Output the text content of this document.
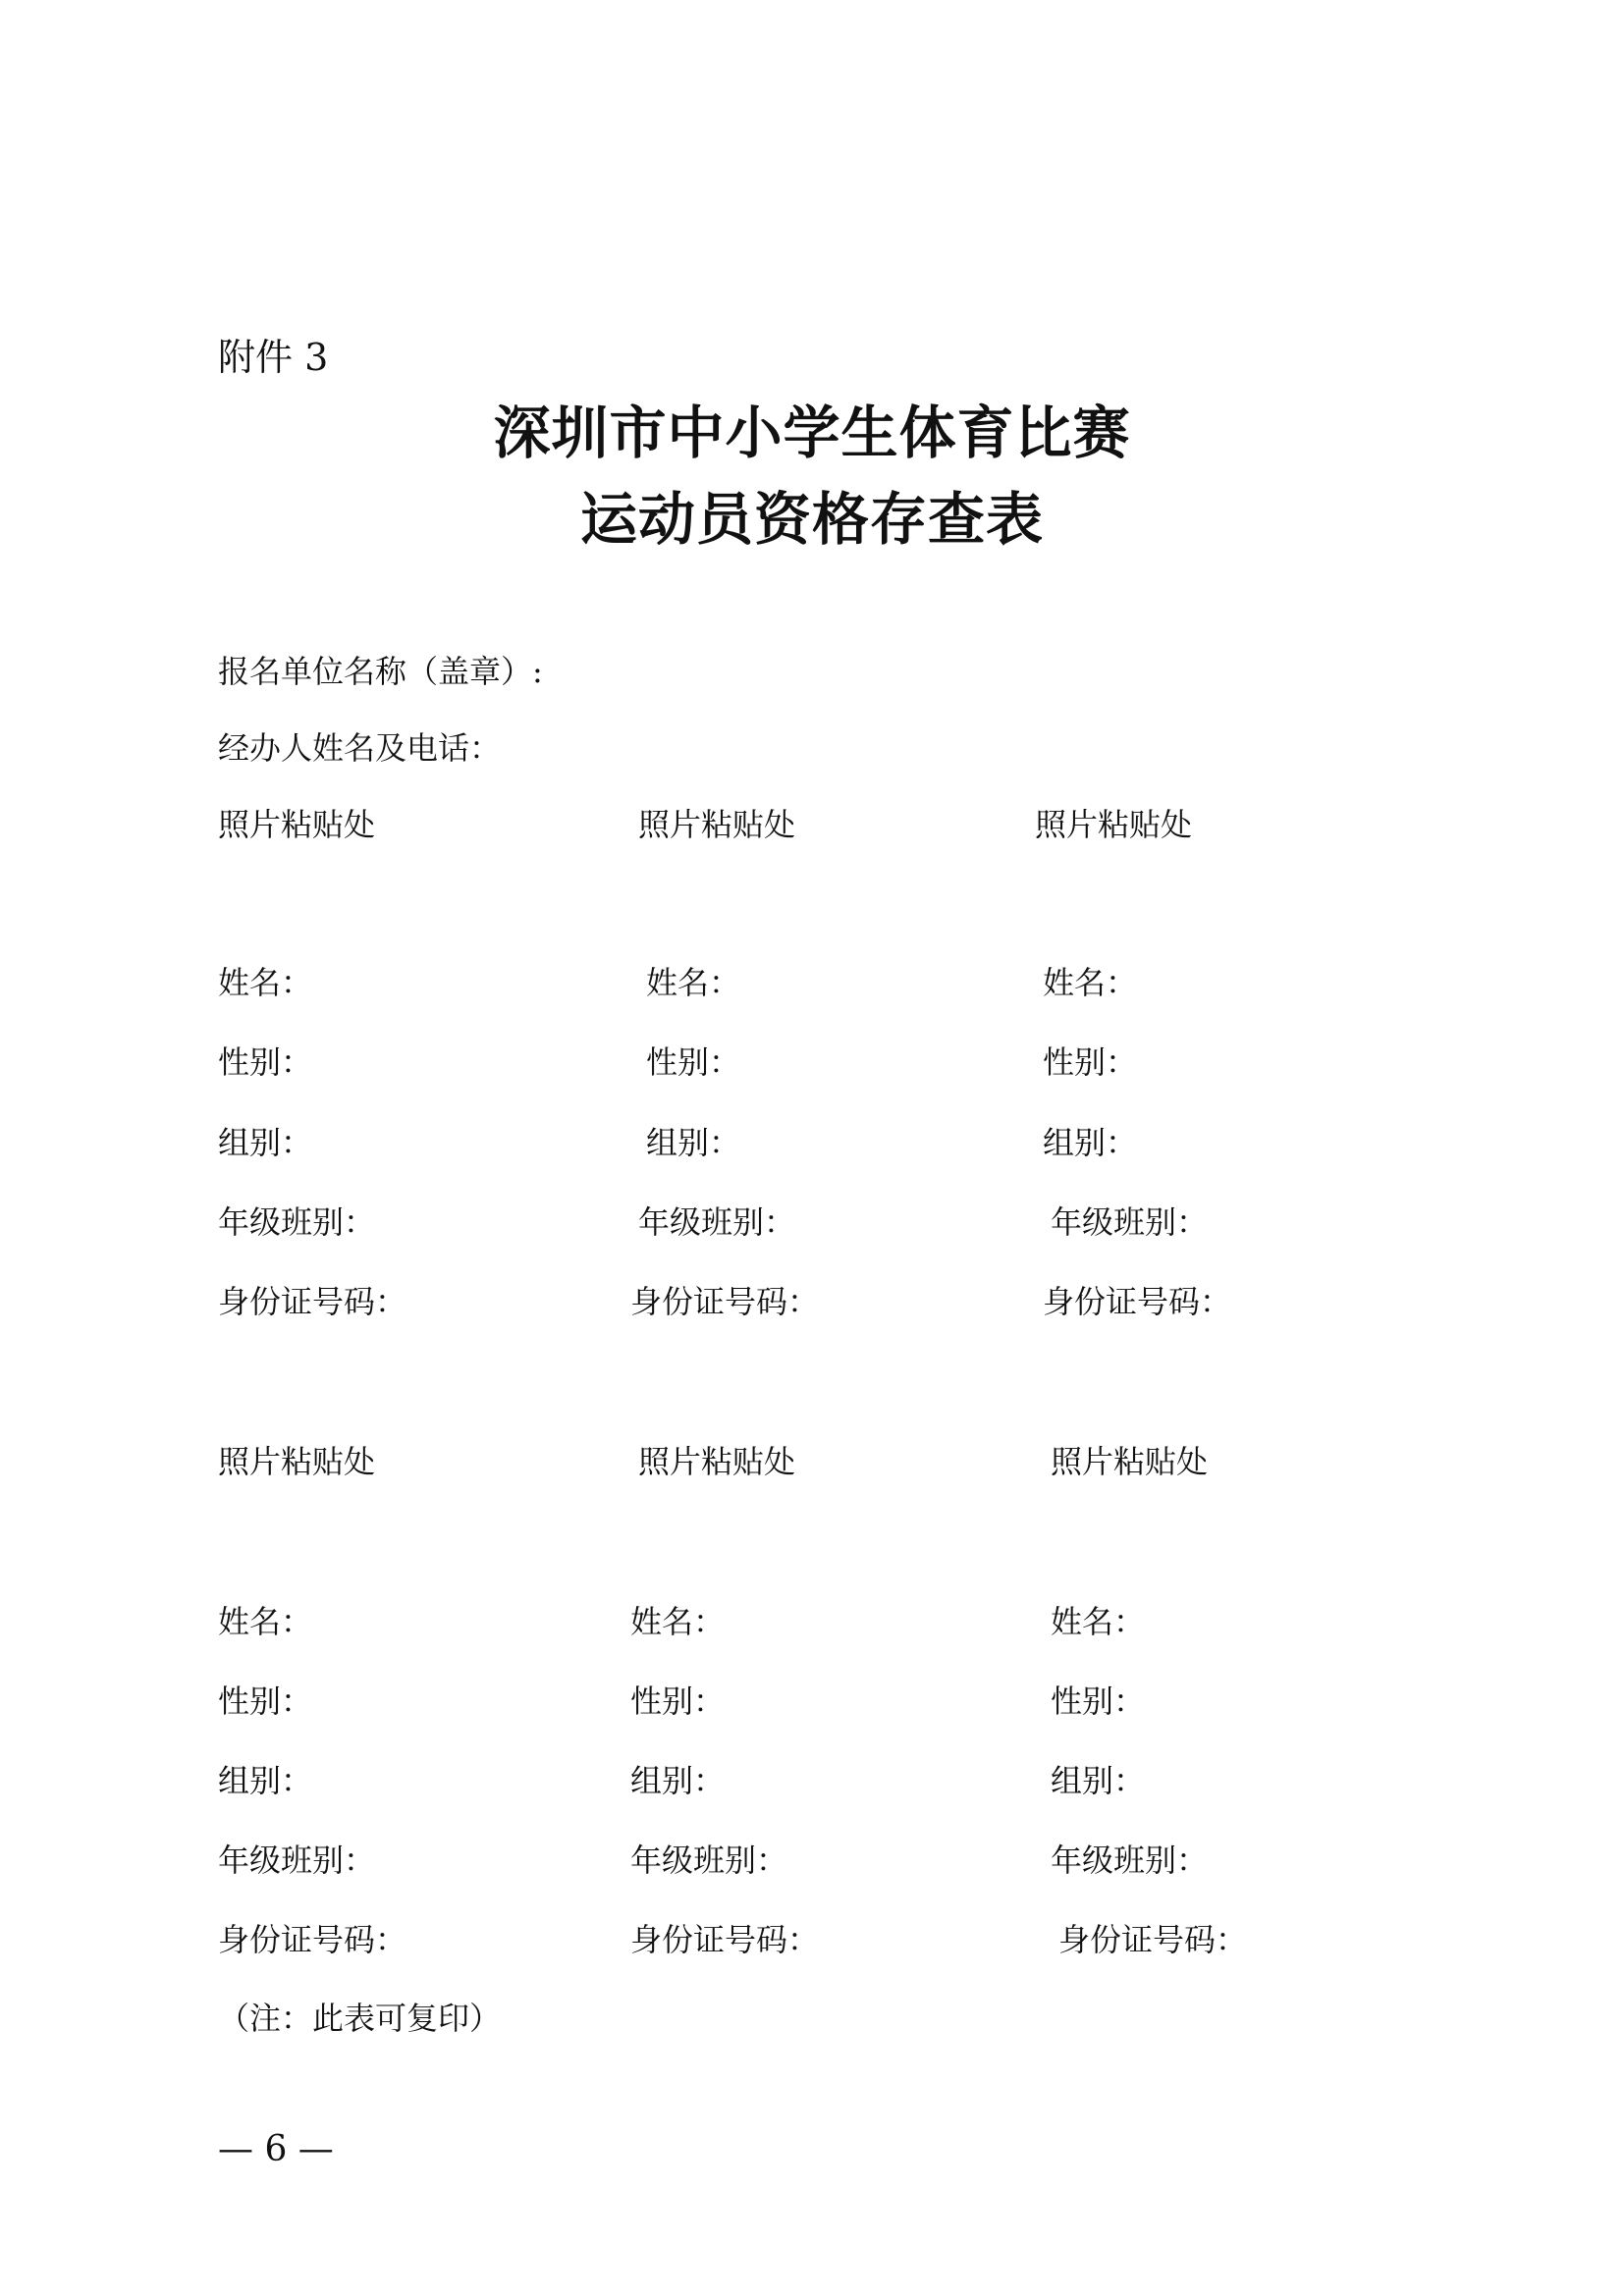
附件 3
深圳市中小学生体育比赛
运动员资格存查表
报名单位名称（盖章）:
经办人姓名及电话：
照片粘贴处	照片粘贴处	照片粘贴处
姓名：	姓名：	姓名：
性别：	性别：	性别：
组别：	组别：	组别：
年级班别：	年级班别：	年级班别：
身份证号码：	身份证号码：	身份证号码：
照片粘贴处	照片粘贴处	照片粘贴处
姓名：	姓名：	姓名：
性别：	性别：	性别：
组别：	组别：	组别：
年级班别：	年级班别：	年级班别：
身份证号码：	身份证号码：	身份证号码：
（注：此表可复印）
— 6 —
